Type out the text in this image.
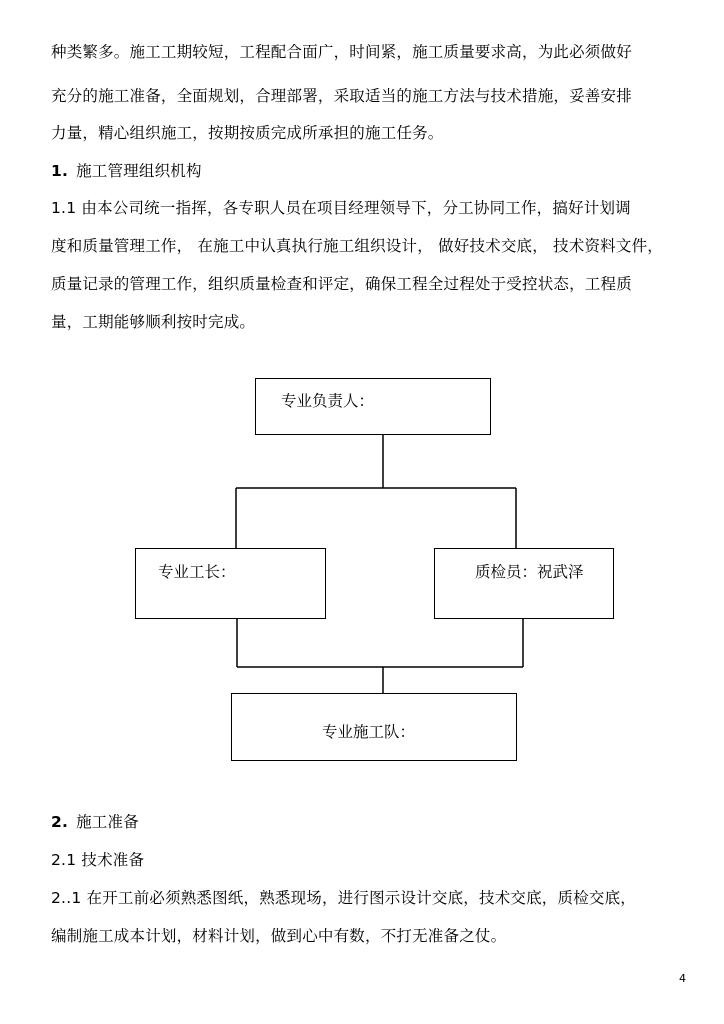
种类繁多。施工工期较短，工程配合面广，时间紧，施工质量要求高，为此必须做好
充分的施工准备，全面规划，合理部署，采取适当的施工方法与技术措施，妥善安排
力量，精心组织施工，按期按质完成所承担的施工任务。
1. 施工管理组织机构
1.1 由本公司统一指挥，各专职人员在项目经理领导下，分工协同工作，搞好计划调
度和质量管理工作， 在施工中认真执行施工组织设计， 做好技术交底， 技术资料文件，
质量记录的管理工作，组织质量检查和评定，确保工程全过程处于受控状态，工程质
量，工期能够顺利按时完成。
专业负责人：
专业工长：	质检员：祝武泽
专业施工队：
2. 施工准备
2.1 技术准备
2..1 在开工前必须熟悉图纸，熟悉现场，进行图示设计交底，技术交底，质检交底，
编制施工成本计划，材料计划，做到心中有数，不打无准备之仗。
4
